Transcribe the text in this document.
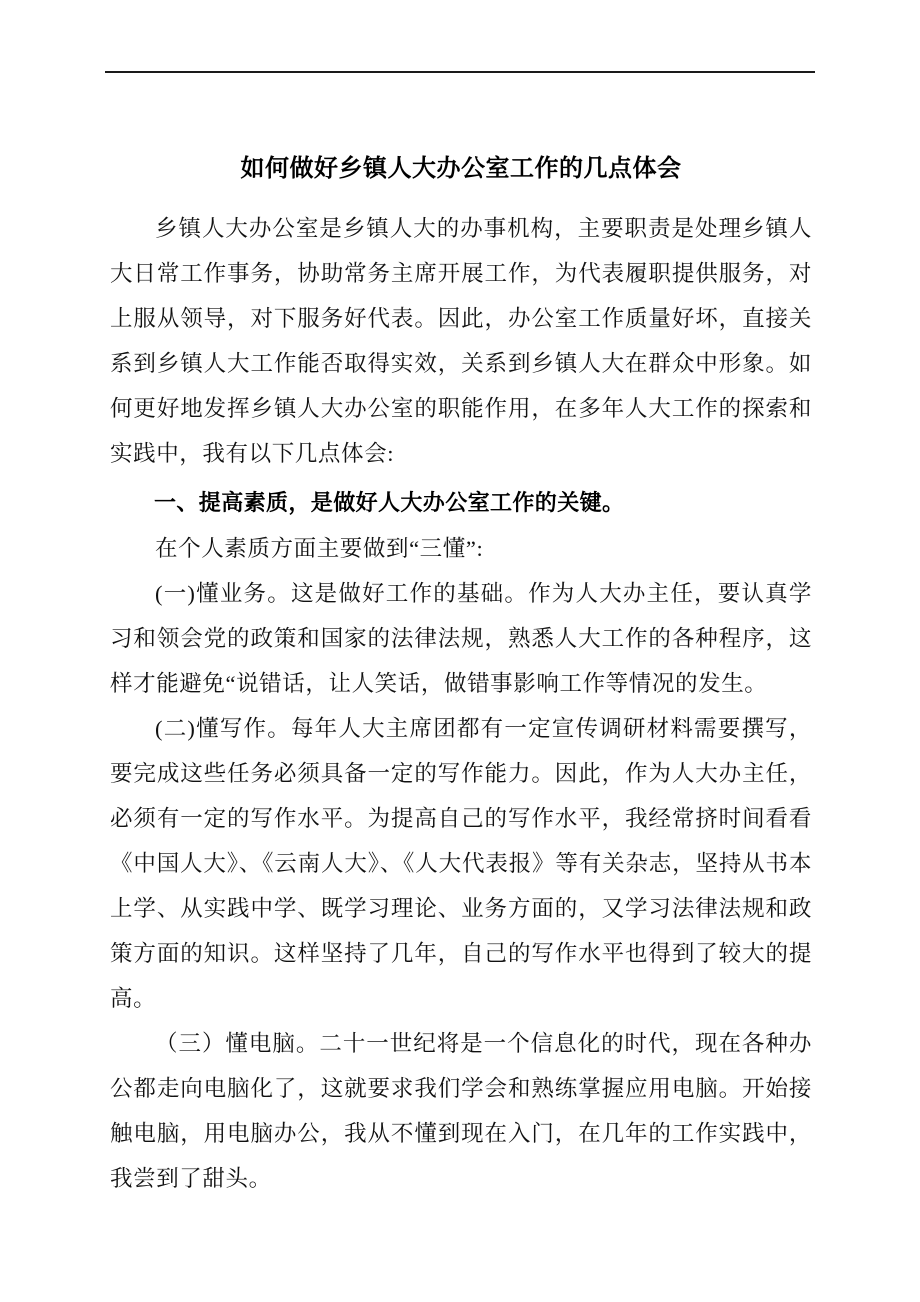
如何做好乡镇人大办公室工作的几点体会

乡镇人大办公室是乡镇人大的办事机构，主要职责是处理乡镇人大日常工作事务，协助常务主席开展工作，为代表履职提供服务，对上服从领导，对下服务好代表。因此，办公室工作质量好坏，直接关系到乡镇人大工作能否取得实效，关系到乡镇人大在群众中形象。如何更好地发挥乡镇人大办公室的职能作用，在多年人大工作的探索和实践中，我有以下几点体会:

一、提高素质，是做好人大办公室工作的关键。

在个人素质方面主要做到“三懂”:

(一)懂业务。这是做好工作的基础。作为人大办主任，要认真学习和领会党的政策和国家的法律法规，熟悉人大工作的各种程序，这样才能避免“说错话，让人笑话，做错事影响工作等情况的发生。

(二)懂写作。每年人大主席团都有一定宣传调研材料需要撰写，要完成这些任务必须具备一定的写作能力。因此，作为人大办主任，必须有一定的写作水平。为提高自己的写作水平，我经常挤时间看看《中国人大》、《云南人大》、《人大代表报》等有关杂志，坚持从书本上学、从实践中学、既学习理论、业务方面的，又学习法律法规和政策方面的知识。这样坚持了几年，自己的写作水平也得到了较大的提高。

（三）懂电脑。二十一世纪将是一个信息化的时代，现在各种办公都走向电脑化了，这就要求我们学会和熟练掌握应用电脑。开始接触电脑，用电脑办公，我从不懂到现在入门，在几年的工作实践中，我尝到了甜头。
